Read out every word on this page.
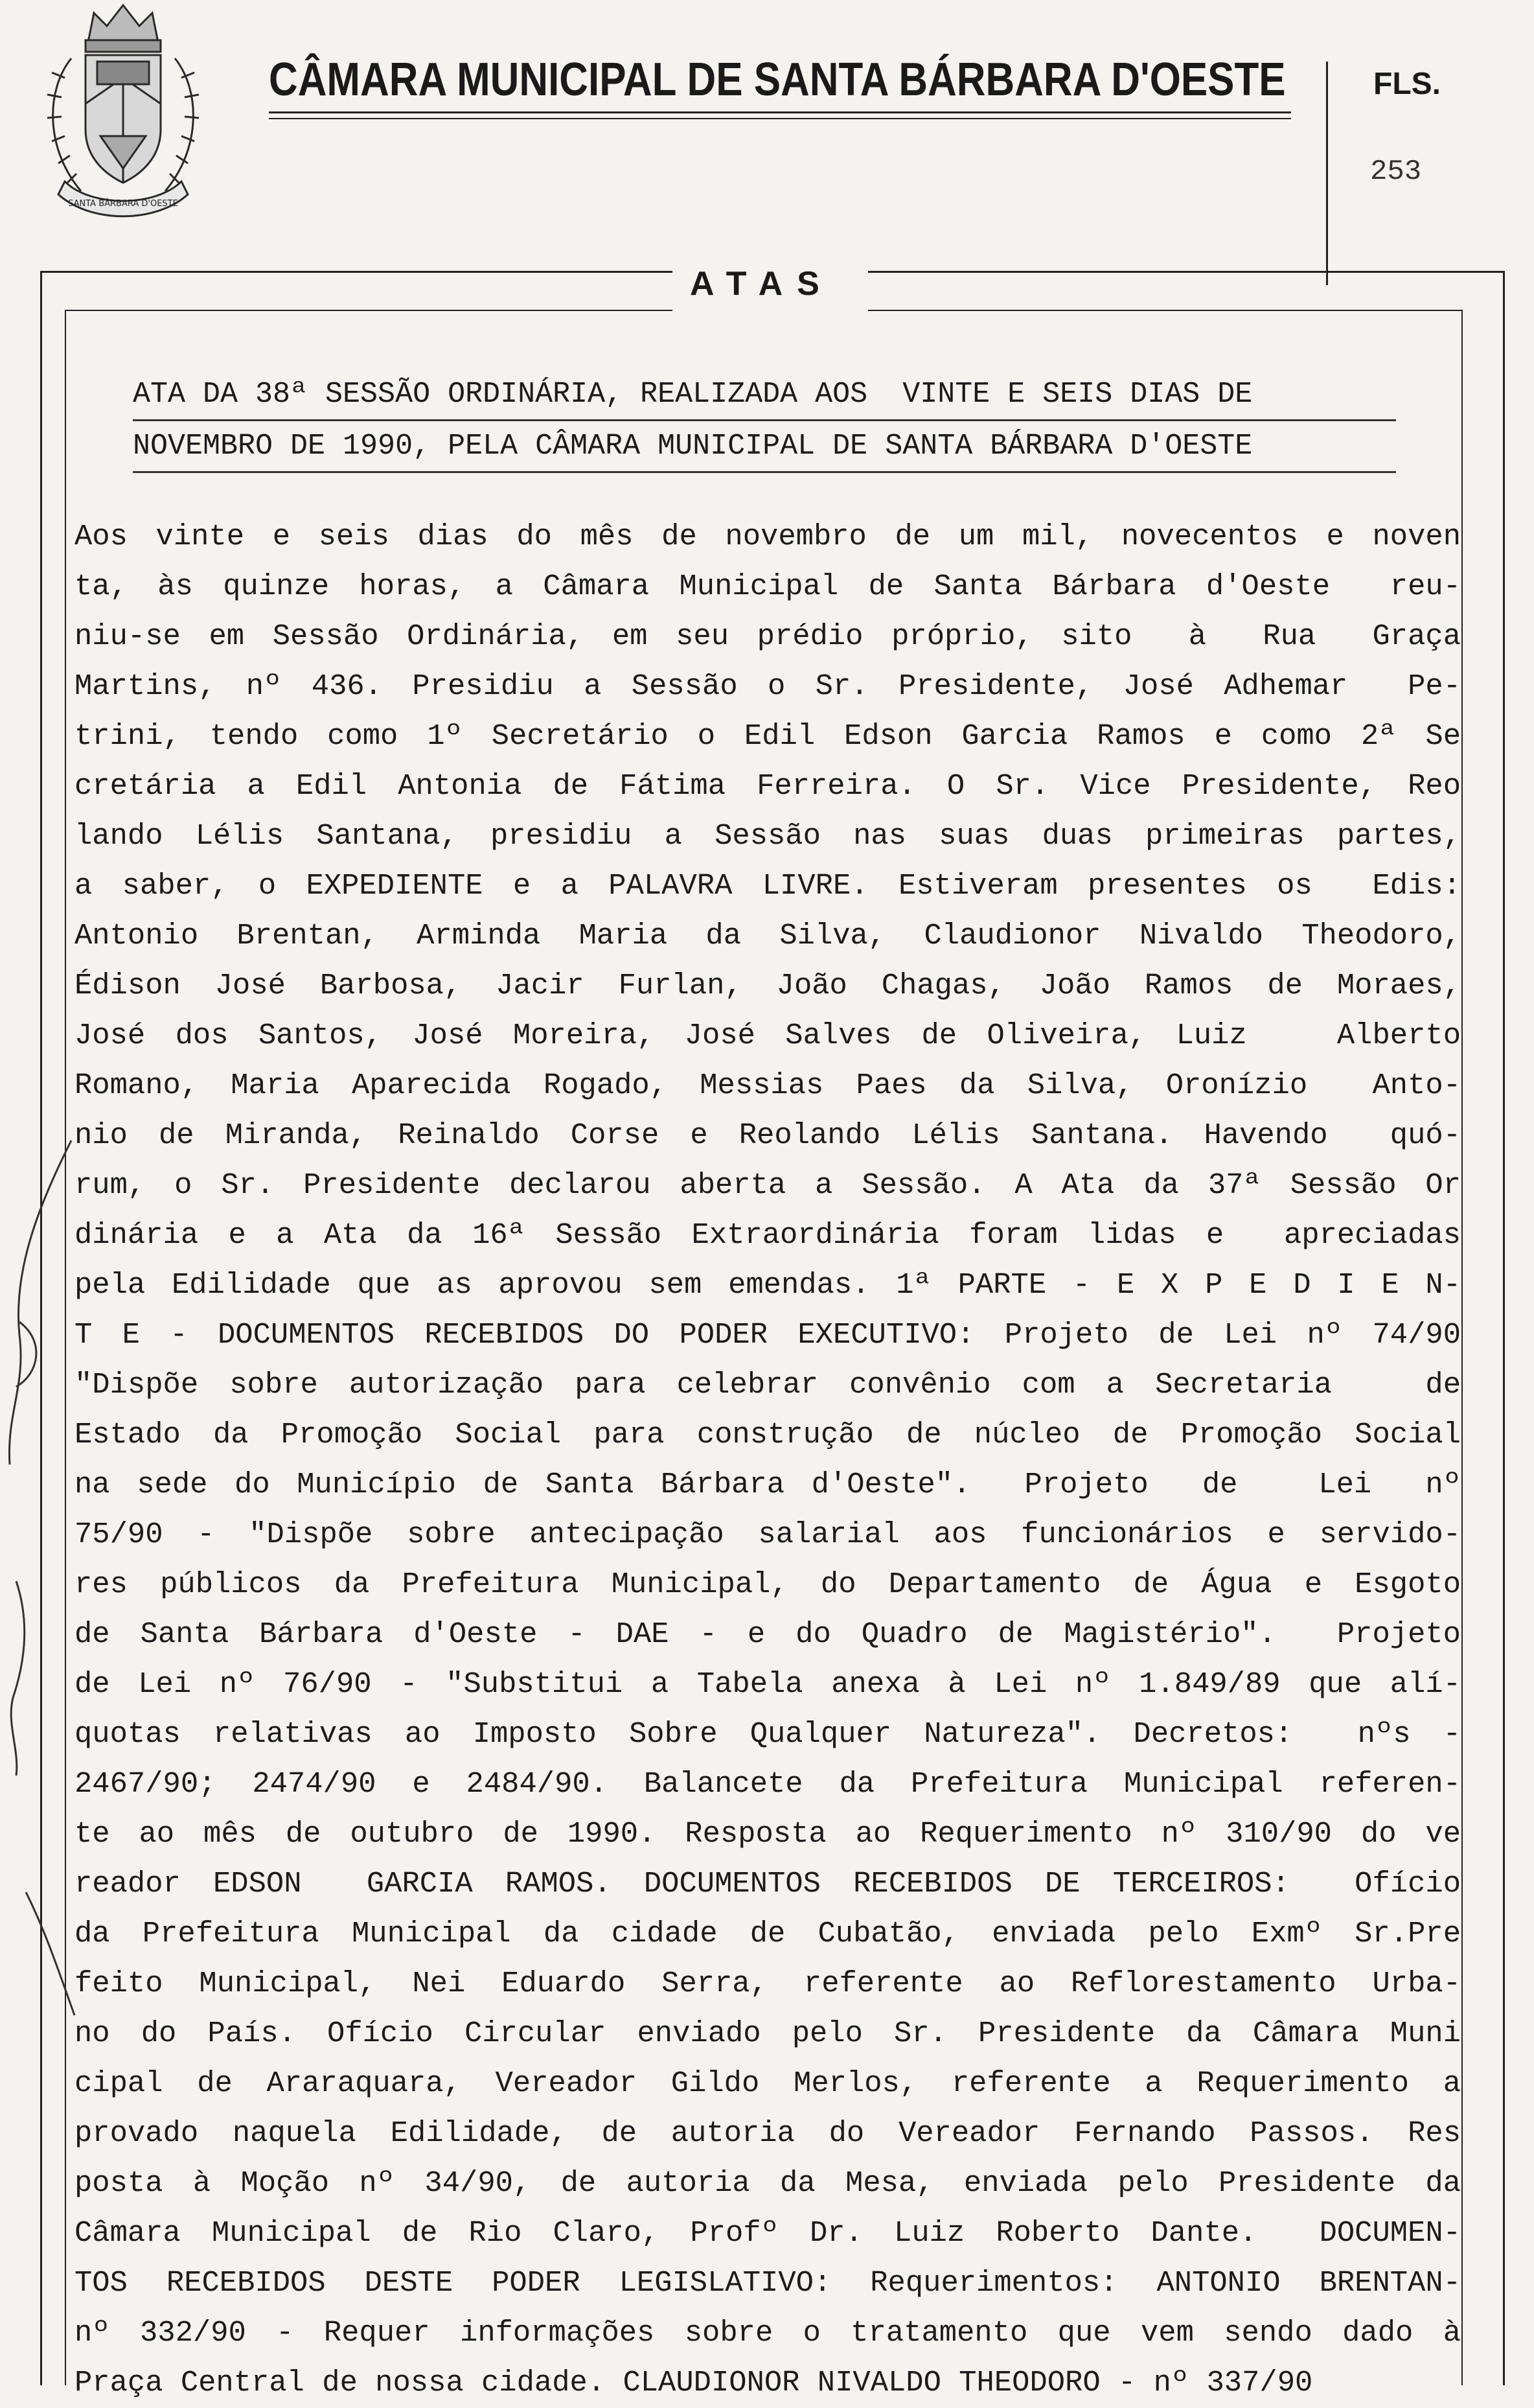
SANTA BÁRBARA D'OESTE
CÂMARA MUNICIPAL DE SANTA BÁRBARA D'OESTE	FLS.
253
ATAS
ATA DA 38ª SESSÃO ORDINÁRIA, REALIZADA AOS  VINTE E SEIS DIAS DE
NOVEMBRO DE 1990, PELA CÂMARA MUNICIPAL DE SANTA BÁRBARA D'OESTE
Aos vinte e seis dias do mês de novembro de um mil, novecentos e noven
ta, às quinze horas, a Câmara Municipal de Santa Bárbara d'Oeste  reu-
niu-se em Sessão Ordinária, em seu prédio próprio, sito  à  Rua  Graça
Martins, nº 436. Presidiu a Sessão o Sr. Presidente, José Adhemar  Pe-
trini, tendo como 1º Secretário o Edil Edson Garcia Ramos e como 2ª Se
cretária a Edil Antonia de Fátima Ferreira. O Sr. Vice Presidente, Reo
lando Lélis Santana, presidiu a Sessão nas suas duas primeiras partes,
a saber, o EXPEDIENTE e a PALAVRA LIVRE. Estiveram presentes os  Edis:
Antonio Brentan, Arminda Maria da Silva, Claudionor Nivaldo Theodoro,
Édison José Barbosa, Jacir Furlan, João Chagas, João Ramos de Moraes,
José dos Santos, José Moreira, José Salves de Oliveira, Luiz   Alberto
Romano, Maria Aparecida Rogado, Messias Paes da Silva, Oronízio  Anto-
nio de Miranda, Reinaldo Corse e Reolando Lélis Santana. Havendo  quó-
rum, o Sr. Presidente declarou aberta a Sessão. A Ata da 37ª Sessão Or
dinária e a Ata da 16ª Sessão Extraordinária foram lidas e  apreciadas
pela Edilidade que as aprovou sem emendas. 1ª PARTE - E X P E D I E N-
T E - DOCUMENTOS RECEBIDOS DO PODER EXECUTIVO: Projeto de Lei nº 74/90
"Dispõe sobre autorização para celebrar convênio com a Secretaria   de
Estado da Promoção Social para construção de núcleo de Promoção Social
na sede do Município de Santa Bárbara d'Oeste".  Projeto  de   Lei  nº
75/90 - "Dispõe sobre antecipação salarial aos funcionários e servido-
res públicos da Prefeitura Municipal, do Departamento de Água e Esgoto
de Santa Bárbara d'Oeste - DAE - e do Quadro de Magistério".  Projeto
de Lei nº 76/90 - "Substitui a Tabela anexa à Lei nº 1.849/89 que alí-
quotas relativas ao Imposto Sobre Qualquer Natureza". Decretos:  nºs -
2467/90; 2474/90 e 2484/90. Balancete da Prefeitura Municipal referen-
te ao mês de outubro de 1990. Resposta ao Requerimento nº 310/90 do ve
reador EDSON  GARCIA RAMOS. DOCUMENTOS RECEBIDOS DE TERCEIROS:  Ofício
da Prefeitura Municipal da cidade de Cubatão, enviada pelo Exmº Sr.Pre
feito Municipal, Nei Eduardo Serra, referente ao Reflorestamento Urba-
no do País. Ofício Circular enviado pelo Sr. Presidente da Câmara Muni
cipal de Araraquara, Vereador Gildo Merlos, referente a Requerimento a
provado naquela Edilidade, de autoria do Vereador Fernando Passos. Res
posta à Moção nº 34/90, de autoria da Mesa, enviada pelo Presidente da
Câmara Municipal de Rio Claro, Profº Dr. Luiz Roberto Dante.  DOCUMEN-
TOS RECEBIDOS DESTE PODER LEGISLATIVO: Requerimentos: ANTONIO BRENTAN-
nº 332/90 - Requer informações sobre o tratamento que vem sendo dado à
Praça Central de nossa cidade. CLAUDIONOR NIVALDO THEODORO - nº 337/90
